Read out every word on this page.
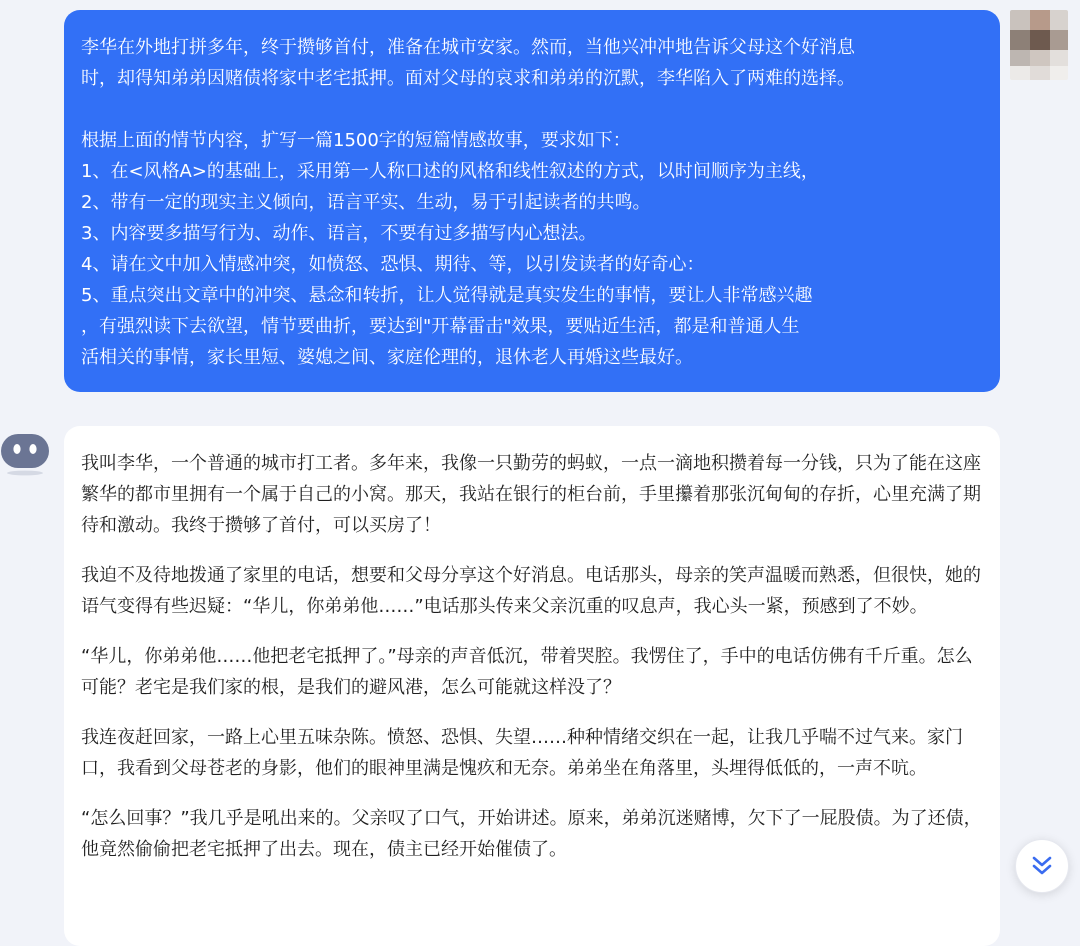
李华在外地打拼多年，终于攒够首付，准备在城市安家。然而，当他兴冲冲地告诉父母这个好消息
时，却得知弟弟因赌债将家中老宅抵押。面对父母的哀求和弟弟的沉默，李华陷入了两难的选择。

根据上面的情节内容，扩写一篇1500字的短篇情感故事，要求如下：

1、在<风格A>的基础上，采用第一人称口述的风格和线性叙述的方式，以时间顺序为主线，

2、带有一定的现实主义倾向，语言平实、生动，易于引起读者的共鸣。

3、内容要多描写行为、动作、语言，不要有过多描写内心想法。

4、请在文中加入情感冲突，如愤怒、恐惧、期待、等，以引发读者的好奇心：

5、重点突出文章中的冲突、悬念和转折，让人觉得就是真实发生的事情，要让人非常感兴趣
，有强烈读下去欲望，情节要曲折，要达到"开幕雷击"效果，要贴近生活，都是和普通人生
活相关的事情，家长里短、婆媳之间、家庭伦理的，退休老人再婚这些最好。

我叫李华，一个普通的城市打工者。多年来，我像一只勤劳的蚂蚁，一点一滴地积攒着每一分钱，只为了能在这座繁华的都市里拥有一个属于自己的小窝。那天，我站在银行的柜台前，手里攥着那张沉甸甸的存折，心里充满了期待和激动。我终于攒够了首付，可以买房了！

我迫不及待地拨通了家里的电话，想要和父母分享这个好消息。电话那头，母亲的笑声温暖而熟悉，但很快，她的语气变得有些迟疑：“华儿，你弟弟他……”电话那头传来父亲沉重的叹息声，我心头一紧，预感到了不妙。

“华儿，你弟弟他……他把老宅抵押了。”母亲的声音低沉，带着哭腔。我愣住了，手中的电话仿佛有千斤重。怎么可能？老宅是我们家的根，是我们的避风港，怎么可能就这样没了？

我连夜赶回家，一路上心里五味杂陈。愤怒、恐惧、失望……种种情绪交织在一起，让我几乎喘不过气来。家门口，我看到父母苍老的身影，他们的眼神里满是愧疚和无奈。弟弟坐在角落里，头埋得低低的，一声不吭。

“怎么回事？”我几乎是吼出来的。父亲叹了口气，开始讲述。原来，弟弟沉迷赌博，欠下了一屁股债。为了还债，他竟然偷偷把老宅抵押了出去。现在，债主已经开始催债了。
